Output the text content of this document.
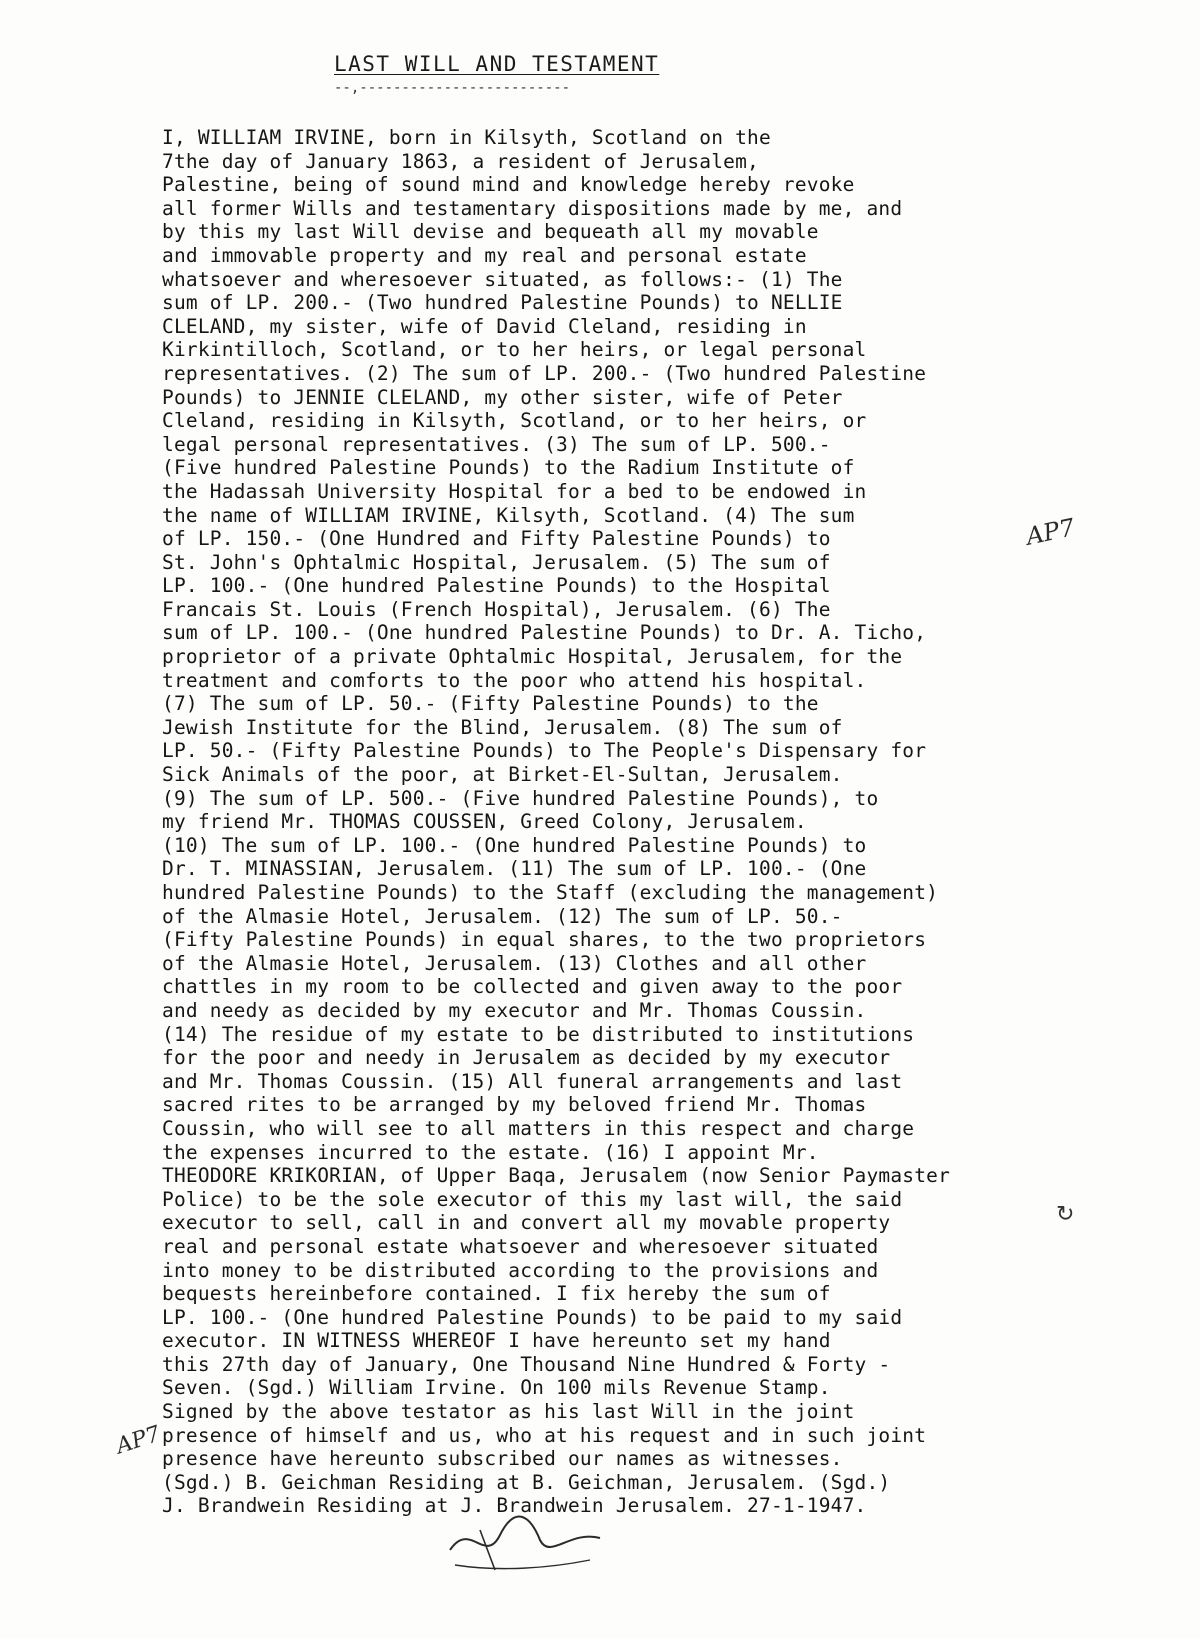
LAST WILL AND TESTAMENT
--,-------------------------
I, WILLIAM IRVINE, born in Kilsyth, Scotland on the
7the day of January 1863, a resident of Jerusalem,
Palestine, being of sound mind and knowledge hereby revoke
all former Wills and testamentary dispositions made by me, and
by this my last Will devise and bequeath all my movable
and immovable property and my real and personal estate
whatsoever and wheresoever situated, as follows:- (1) The
sum of LP. 200.- (Two hundred Palestine Pounds) to NELLIE
CLELAND, my sister, wife of David Cleland, residing in
Kirkintilloch, Scotland, or to her heirs, or legal personal
representatives. (2) The sum of LP. 200.- (Two hundred Palestine
Pounds) to JENNIE CLELAND, my other sister, wife of Peter
Cleland, residing in Kilsyth, Scotland, or to her heirs, or
legal personal representatives. (3) The sum of LP. 500.-
(Five hundred Palestine Pounds) to the Radium Institute of
the Hadassah University Hospital for a bed to be endowed in
the name of WILLIAM IRVINE, Kilsyth, Scotland. (4) The sum
of LP. 150.- (One Hundred and Fifty Palestine Pounds) to
St. John's Ophtalmic Hospital, Jerusalem. (5) The sum of
LP. 100.- (One hundred Palestine Pounds) to the Hospital
Francais St. Louis (French Hospital), Jerusalem. (6) The
sum of LP. 100.- (One hundred Palestine Pounds) to Dr. A. Ticho,
proprietor of a private Ophtalmic Hospital, Jerusalem, for the
treatment and comforts to the poor who attend his hospital.
(7) The sum of LP. 50.- (Fifty Palestine Pounds) to the
Jewish Institute for the Blind, Jerusalem. (8) The sum of
LP. 50.- (Fifty Palestine Pounds) to The People's Dispensary for
Sick Animals of the poor, at Birket-El-Sultan, Jerusalem.
(9) The sum of LP. 500.- (Five hundred Palestine Pounds), to
my friend Mr. THOMAS COUSSEN, Greed Colony, Jerusalem.
(10) The sum of LP. 100.- (One hundred Palestine Pounds) to
Dr. T. MINASSIAN, Jerusalem. (11) The sum of LP. 100.- (One
hundred Palestine Pounds) to the Staff (excluding the management)
of the Almasie Hotel, Jerusalem. (12) The sum of LP. 50.-
(Fifty Palestine Pounds) in equal shares, to the two proprietors
of the Almasie Hotel, Jerusalem. (13) Clothes and all other
chattles in my room to be collected and given away to the poor
and needy as decided by my executor and Mr. Thomas Coussin.
(14) The residue of my estate to be distributed to institutions
for the poor and needy in Jerusalem as decided by my executor
and Mr. Thomas Coussin. (15) All funeral arrangements and last
sacred rites to be arranged by my beloved friend Mr. Thomas
Coussin, who will see to all matters in this respect and charge
the expenses incurred to the estate. (16) I appoint Mr.
THEODORE KRIKORIAN, of Upper Baqa, Jerusalem (now Senior Paymaster
Police) to be the sole executor of this my last will, the said
executor to sell, call in and convert all my movable property
real and personal estate whatsoever and wheresoever situated
into money to be distributed according to the provisions and
bequests hereinbefore contained. I fix hereby the sum of
LP. 100.- (One hundred Palestine Pounds) to be paid to my said
executor. IN WITNESS WHEREOF I have hereunto set my hand
this 27th day of January, One Thousand Nine Hundred & Forty -
Seven. (Sgd.) William Irvine. On 100 mils Revenue Stamp.
Signed by the above testator as his last Will in the joint
presence of himself and us, who at his request and in such joint
presence have hereunto subscribed our names as witnesses.
(Sgd.) B. Geichman Residing at B. Geichman, Jerusalem. (Sgd.)
J. Brandwein Residing at J. Brandwein Jerusalem. 27-1-1947.
AP7
AP7
↻
